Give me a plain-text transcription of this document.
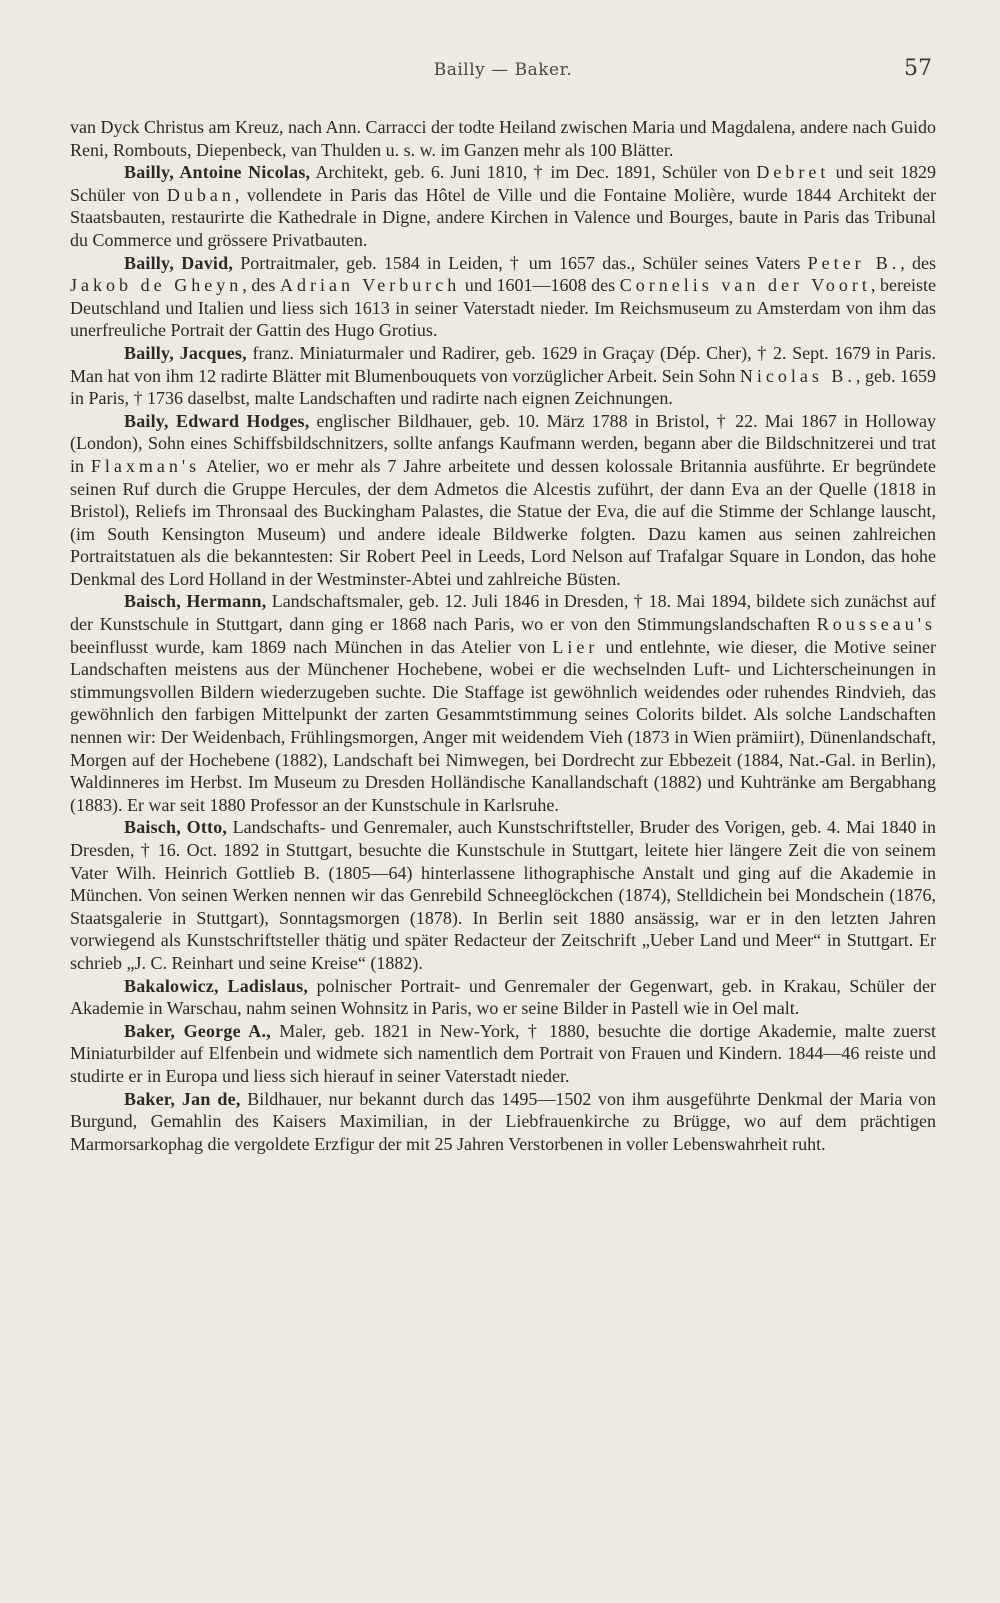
Bailly — Baker.	57

van Dyck Christus am Kreuz, nach Ann. Carracci der todte Heiland zwischen Maria und Magdalena, andere nach Guido Reni, Rombouts, Diepenbeck, van Thulden u. s. w. im Ganzen mehr als 100 Blätter.

Bailly, Antoine Nicolas, Architekt, geb. 6. Juni 1810, † im Dec. 1891, Schüler von Debret und seit 1829 Schüler von Duban, vollendete in Paris das Hôtel de Ville und die Fontaine Molière, wurde 1844 Architekt der Staatsbauten, restaurirte die Kathedrale in Digne, andere Kirchen in Valence und Bourges, baute in Paris das Tribunal du Commerce und grössere Privatbauten.

Bailly, David, Portraitmaler, geb. 1584 in Leiden, † um 1657 das., Schüler seines Vaters Peter B., des Jakob de Gheyn, des Adrian Verburch und 1601—1608 des Cornelis van der Voort, bereiste Deutschland und Italien und liess sich 1613 in seiner Vaterstadt nieder. Im Reichsmuseum zu Amsterdam von ihm das unerfreuliche Portrait der Gattin des Hugo Grotius.

Bailly, Jacques, franz. Miniaturmaler und Radirer, geb. 1629 in Graçay (Dép. Cher), † 2. Sept. 1679 in Paris. Man hat von ihm 12 radirte Blätter mit Blumenbouquets von vorzüglicher Arbeit. Sein Sohn Nicolas B., geb. 1659 in Paris, † 1736 daselbst, malte Landschaften und radirte nach eignen Zeichnungen.

Baily, Edward Hodges, englischer Bildhauer, geb. 10. März 1788 in Bristol, † 22. Mai 1867 in Holloway (London), Sohn eines Schiffsbildschnitzers, sollte anfangs Kaufmann werden, begann aber die Bildschnitzerei und trat in Flaxman's Atelier, wo er mehr als 7 Jahre arbeitete und dessen kolossale Britannia ausführte. Er begründete seinen Ruf durch die Gruppe Hercules, der dem Admetos die Alcestis zuführt, der dann Eva an der Quelle (1818 in Bristol), Reliefs im Thronsaal des Buckingham Palastes, die Statue der Eva, die auf die Stimme der Schlange lauscht, (im South Kensington Museum) und andere ideale Bildwerke folgten. Dazu kamen aus seinen zahlreichen Portraitstatuen als die bekanntesten: Sir Robert Peel in Leeds, Lord Nelson auf Trafalgar Square in London, das hohe Denkmal des Lord Holland in der Westminster-Abtei und zahlreiche Büsten.

Baisch, Hermann, Landschaftsmaler, geb. 12. Juli 1846 in Dresden, † 18. Mai 1894, bildete sich zunächst auf der Kunstschule in Stuttgart, dann ging er 1868 nach Paris, wo er von den Stimmungslandschaften Rousseau's beeinflusst wurde, kam 1869 nach München in das Atelier von Lier und entlehnte, wie dieser, die Motive seiner Landschaften meistens aus der Münchener Hochebene, wobei er die wechselnden Luft- und Lichterscheinungen in stimmungsvollen Bildern wiederzugeben suchte. Die Staffage ist gewöhnlich weidendes oder ruhendes Rindvieh, das gewöhnlich den farbigen Mittelpunkt der zarten Gesammtstimmung seines Colorits bildet. Als solche Landschaften nennen wir: Der Weidenbach, Frühlingsmorgen, Anger mit weidendem Vieh (1873 in Wien prämiirt), Dünenlandschaft, Morgen auf der Hochebene (1882), Landschaft bei Nimwegen, bei Dordrecht zur Ebbezeit (1884, Nat.-Gal. in Berlin), Waldinneres im Herbst. Im Museum zu Dresden Holländische Kanallandschaft (1882) und Kuhtränke am Bergabhang (1883). Er war seit 1880 Professor an der Kunstschule in Karlsruhe.

Baisch, Otto, Landschafts- und Genremaler, auch Kunstschriftsteller, Bruder des Vorigen, geb. 4. Mai 1840 in Dresden, † 16. Oct. 1892 in Stuttgart, besuchte die Kunstschule in Stuttgart, leitete hier längere Zeit die von seinem Vater Wilh. Heinrich Gottlieb B. (1805—64) hinterlassene lithographische Anstalt und ging auf die Akademie in München. Von seinen Werken nennen wir das Genrebild Schneeglöckchen (1874), Stelldichein bei Mondschein (1876, Staatsgalerie in Stuttgart), Sonntagsmorgen (1878). In Berlin seit 1880 ansässig, war er in den letzten Jahren vorwiegend als Kunstschriftsteller thätig und später Redacteur der Zeitschrift „Ueber Land und Meer“ in Stuttgart. Er schrieb „J. C. Reinhart und seine Kreise“ (1882).

Bakalowicz, Ladislaus, polnischer Portrait- und Genremaler der Gegenwart, geb. in Krakau, Schüler der Akademie in Warschau, nahm seinen Wohnsitz in Paris, wo er seine Bilder in Pastell wie in Oel malt.

Baker, George A., Maler, geb. 1821 in New-York, † 1880, besuchte die dortige Akademie, malte zuerst Miniaturbilder auf Elfenbein und widmete sich namentlich dem Portrait von Frauen und Kindern. 1844—46 reiste und studirte er in Europa und liess sich hierauf in seiner Vaterstadt nieder.

Baker, Jan de, Bildhauer, nur bekannt durch das 1495—1502 von ihm ausgeführte Denkmal der Maria von Burgund, Gemahlin des Kaisers Maximilian, in der Liebfrauenkirche zu Brügge, wo auf dem prächtigen Marmorsarkophag die vergoldete Erzfigur der mit 25 Jahren Verstorbenen in voller Lebenswahrheit ruht.
